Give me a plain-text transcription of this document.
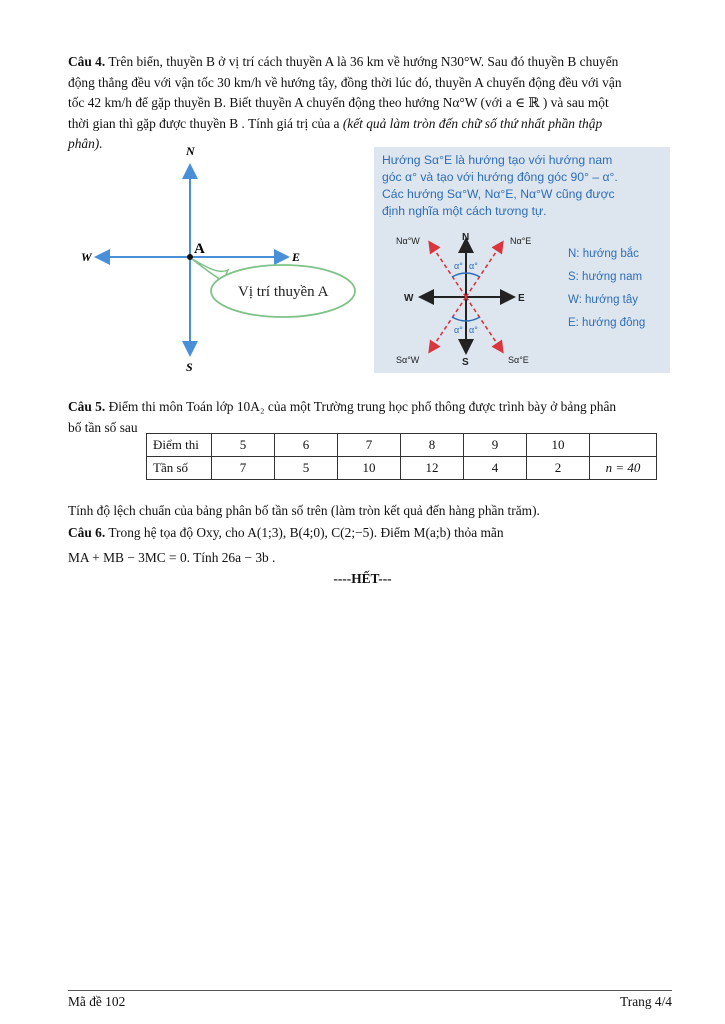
Câu 4. Trên biển, thuyền B ở vị trí cách thuyền A là 36 km về hướng N30°W. Sau đó thuyền B chuyển
động thẳng đều với vận tốc 30 km/h về hướng tây, đồng thời lúc đó, thuyền A chuyển động đều với vận
tốc 42 km/h để gặp thuyền B. Biết thuyền A chuyển động theo hướng Nα°W (với a ∈ ℝ ) và sau một
thời gian thì gặp được thuyền B . Tính giá trị của a (kết quả làm tròn đến chữ số thứ nhất phần thập
phân).	N
S
W	E
A
Vị trí thuyền A
Hướng Sα°E là hướng tạo với hướng nam
góc α° và tạo với hướng đông góc 90° – α°.
Các hướng Sα°W, Nα°E, Nα°W cũng được
định nghĩa một cách tương tự.
α° α°
α° α°
N
S
W	E
Nα°W	Nα°E
Sα°W	Sα°E
N: hướng bắc
S: hướng nam
W: hướng tây
E: hướng đông
Câu 5. Điểm thi môn Toán lớp 10A₂ của một Trường trung học phổ thông được trình bày ở bảng phân
bố tần số sau
Điểm thi	5	6	7	8	9	10	
Tần số	7	5	10	12	4	2	n = 40
Tính độ lệch chuẩn của bảng phân bố tần số trên (làm tròn kết quả đến hàng phần trăm).
Câu 6. Trong hệ tọa độ Oxy, cho A(1;3), B(4;0), C(2;−5). Điểm M(a;b) thỏa mãn
MA + MB − 3MC = 0. Tính 26a − 3b .
----HẾT---
Mã đề 102	Trang 4/4
